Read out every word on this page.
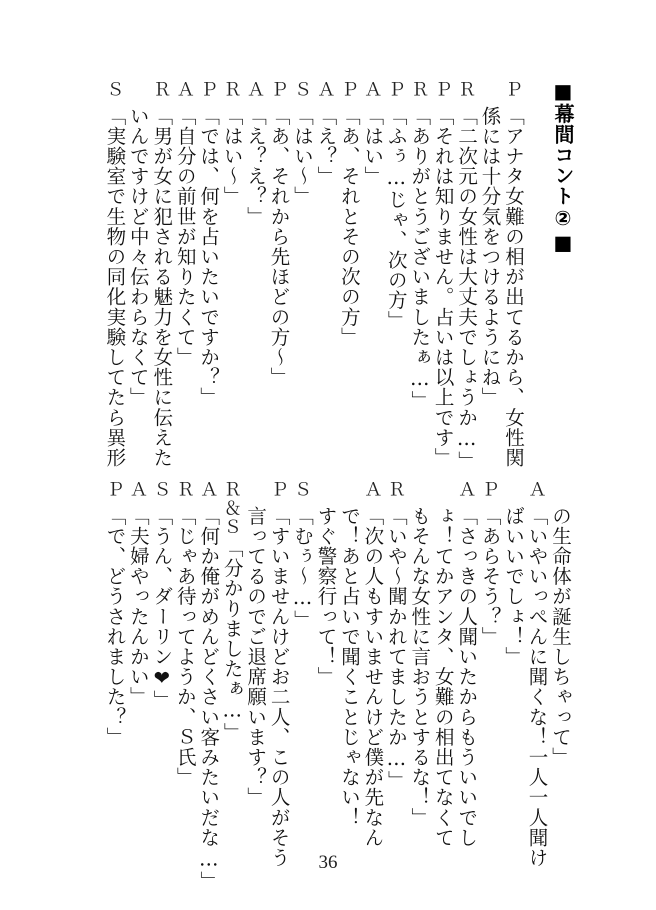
■幕間コント②■
Ｐ「アナタ女難の相が出てるから、女性関
係には十分気をつけるようにね」
Ｒ「二次元の女性は大丈夫でしょうか…」
Ｐ「それは知りません。占いは以上です」
Ｒ「ありがとうございましたぁ…」
Ｐ「ふぅ…じゃ、次の方」
Ａ「はい」
Ｐ「あ、それとその次の方」
Ａ「え？」
Ｓ「はい〜」
Ｐ「あ、それから先ほどの方〜」
Ａ「え？え？」
Ｒ「はい〜」
Ｐ「では、何を占いたいですか？」
Ａ「自分の前世が知りたくて」
Ｒ「男が女に犯される魅力を女性に伝えた
いんですけど中々伝わらなくて」
Ｓ「実験室で生物の同化実験してたら異形
の生命体が誕生しちゃって」
Ａ「いやいっぺんに聞くな！一人一人聞け
ばいいでしょ！」
Ｐ「あらそう？」
Ａ「さっきの人聞いたからもういいでし
ょ！てかアンタ、女難の相出てなくて
もそんな女性に言おうとするな！」
Ｒ「いや〜聞かれてましたか…」
Ａ「次の人もすいませんけど僕が先なん
で！あと占いで聞くことじゃない！
すぐ警察行って！」
Ｓ「むぅ〜…」
Ｐ「すいませんけどお二人、この人がそう
言ってるのでご退席願います？」
Ｒ＆Ｓ「分かりましたぁ…」
Ａ「何か俺がめんどくさい客みたいだな…」
Ｒ「じゃあ待ってようか、Ｓ氏」
Ｓ「うん、ダーリン❤」
Ａ「夫婦やったんかい」
Ｐ「で、どうされました？」
36
